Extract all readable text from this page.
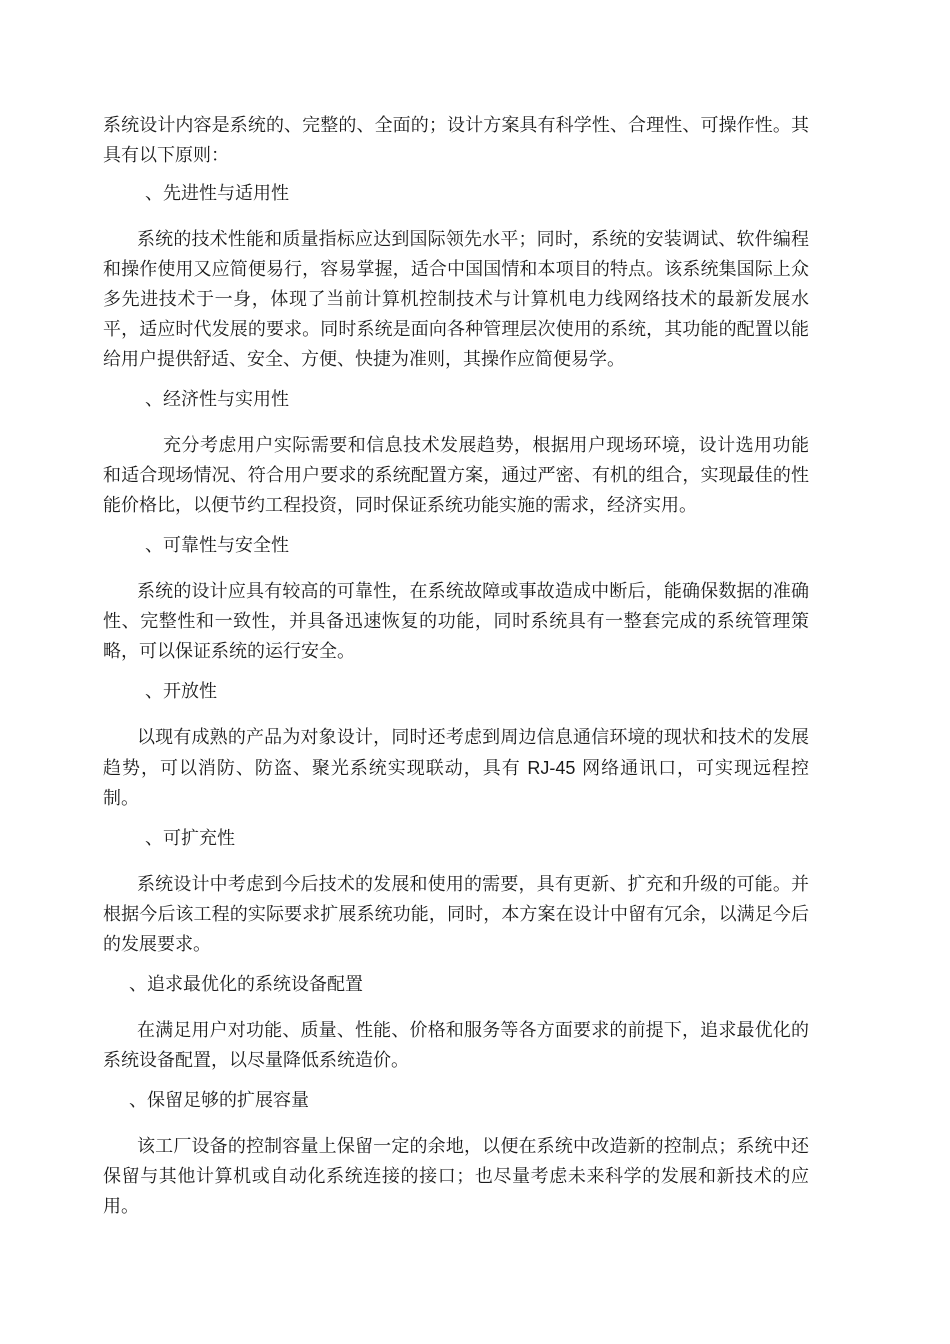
系统设计内容是系统的、完整的、全面的；设计方案具有科学性、合理性、可操作性。其具有以下原则：

、先进性与适用性

系统的技术性能和质量指标应达到国际领先水平；同时，系统的安装调试、软件编程和操作使用又应简便易行，容易掌握，适合中国国情和本项目的特点。该系统集国际上众多先进技术于一身，体现了当前计算机控制技术与计算机电力线网络技术的最新发展水平，适应时代发展的要求。同时系统是面向各种管理层次使用的系统，其功能的配置以能给用户提供舒适、安全、方便、快捷为准则，其操作应简便易学。

、经济性与实用性

充分考虑用户实际需要和信息技术发展趋势，根据用户现场环境，设计选用功能和适合现场情况、符合用户要求的系统配置方案，通过严密、有机的组合，实现最佳的性能价格比，以便节约工程投资，同时保证系统功能实施的需求，经济实用。

、可靠性与安全性

系统的设计应具有较高的可靠性，在系统故障或事故造成中断后，能确保数据的准确性、完整性和一致性，并具备迅速恢复的功能，同时系统具有一整套完成的系统管理策略，可以保证系统的运行安全。

、开放性

以现有成熟的产品为对象设计，同时还考虑到周边信息通信环境的现状和技术的发展趋势，可以消防、防盗、聚光系统实现联动，具有 RJ-45 网络通讯口，可实现远程控制。

、可扩充性

系统设计中考虑到今后技术的发展和使用的需要，具有更新、扩充和升级的可能。并根据今后该工程的实际要求扩展系统功能，同时，本方案在设计中留有冗余，以满足今后的发展要求。

、追求最优化的系统设备配置

在满足用户对功能、质量、性能、价格和服务等各方面要求的前提下，追求最优化的系统设备配置，以尽量降低系统造价。

、保留足够的扩展容量

该工厂设备的控制容量上保留一定的余地，以便在系统中改造新的控制点；系统中还保留与其他计算机或自动化系统连接的接口；也尽量考虑未来科学的发展和新技术的应用。
